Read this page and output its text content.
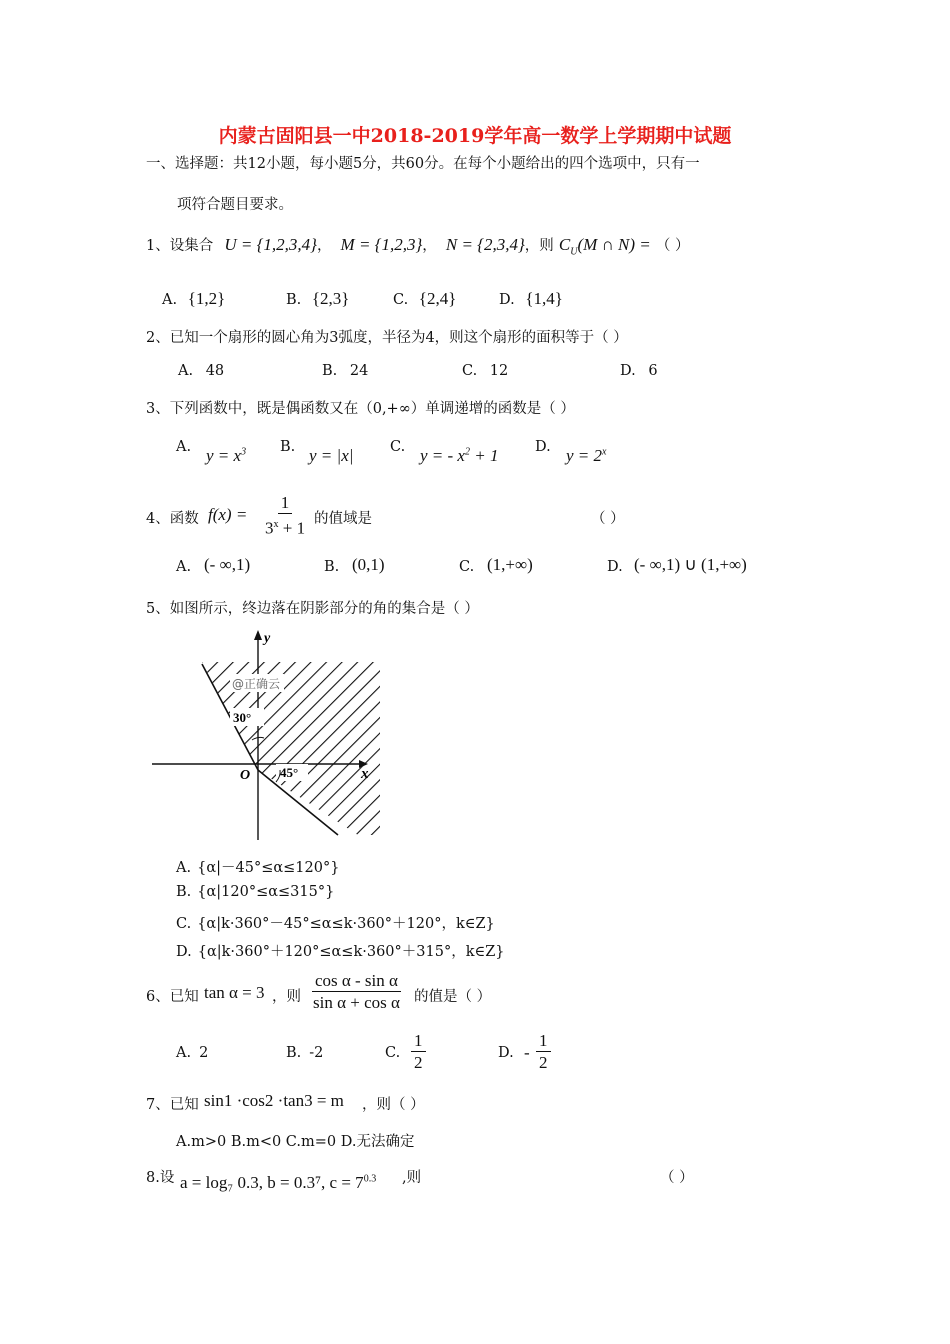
内蒙古固阳县一中2018-2019学年高一数学上学期期中试题
一、选择题：共12小题，每小题5分，共60分。在每个小题给出的四个选项中，只有一
项符合题目要求。
1、设集合 U = {1,2,3,4}， M = {1,2,3}， N = {2,3,4}，则 $C_U(M$ ∩ N) = （ ）
A. {1,2}	B. {2,3}	C. {2,4}	D. {1,4}
2、已知一个扇形的圆心角为3弧度，半径为4，则这个扇形的面积等于（ ）
A. 48	B. 24	C. 12	D. 6
3、下列函数中，既是偶函数又在（0,+∞）单调递增的函数是（ ）
A. $y = x^3$ B. y = |x|	C. y = - $x^2 + 1$	D. $y = 2^x$
4、函数 $f(x) = \frac{1}{3^x + 1}$ 的值域是	（ ）
A. (- ∞,1)	B. (0,1)	C. (1,+∞)	D. (- ∞,1) ∪ (1,+∞)
5、如图所示，终边落在阴影部分的角的集合是（ ）
y
x
O
30°
45°
@正确云
A. {α|－45°≤α≤120°}
B. {α|120°≤α≤315°}
C. {α|k·360°－45°≤α≤k·360°＋120°，k∈Z}
D. {α|k·360°＋120°≤α≤k·360°＋315°，k∈Z}
6、已知 tan α = 3 ，则 $\frac{\text{cos α - sin α}}{\text{sin α + cos α}}$ 的值是（ ）
A. 2	B. -2	C. $\frac{1}{2}$	D. - $\frac{1}{2}$
7、已知 sin1 ·cos2 ·tan3 = m ，则（ ）
A.m>0 B.m<0 C.m=0 D.无法确定
8.设 a = log₇ 0.3, b = 0.3⁷, $c = 7^{0.3}$ ,则	（ ）
